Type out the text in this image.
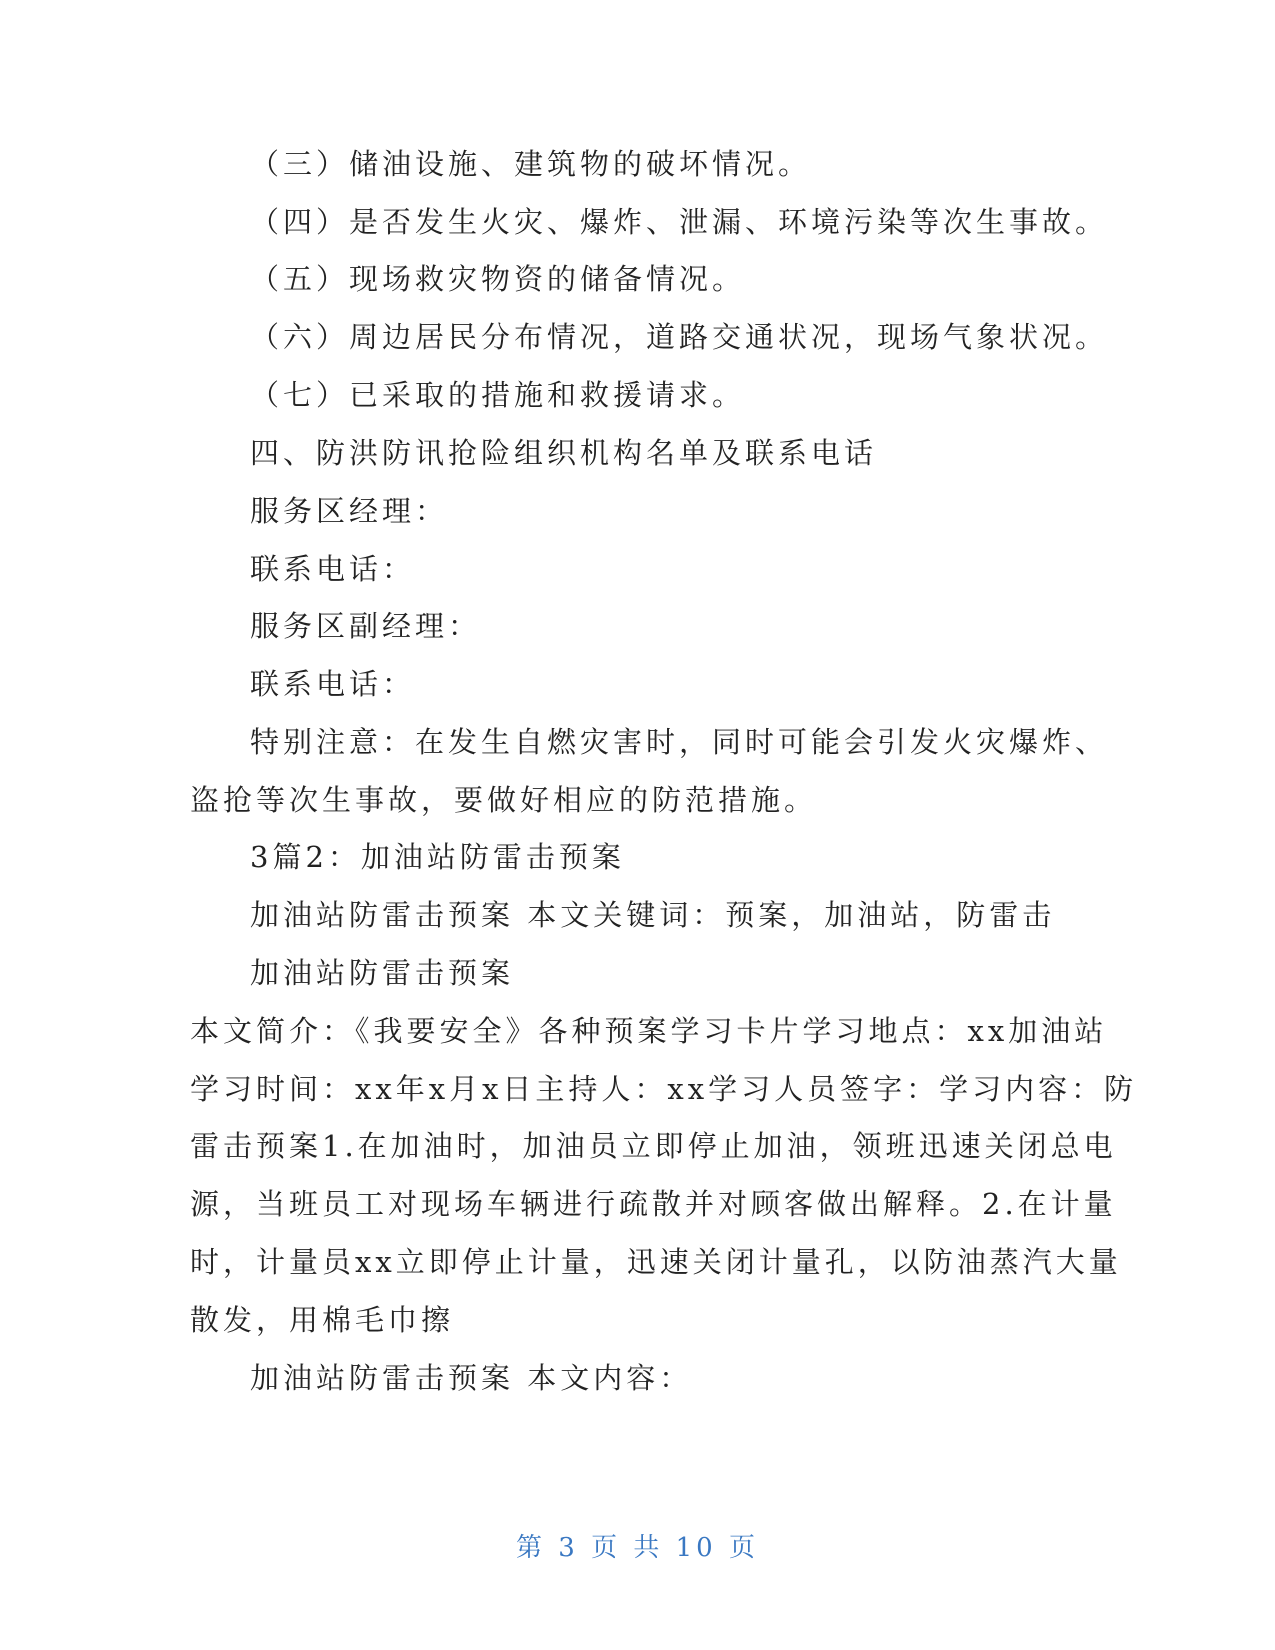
（三）储油设施、建筑物的破坏情况。
（四）是否发生火灾、爆炸、泄漏、环境污染等次生事故。
（五）现场救灾物资的储备情况。
（六）周边居民分布情况，道路交通状况，现场气象状况。
（七）已采取的措施和救援请求。
四、防洪防讯抢险组织机构名单及联系电话
服务区经理：
联系电话：
服务区副经理：
联系电话：
特别注意：在发生自燃灾害时，同时可能会引发火灾爆炸、
盗抢等次生事故，要做好相应的防范措施。
3篇2：加油站防雷击预案
加油站防雷击预案 本文关键词：预案，加油站，防雷击
加油站防雷击预案
本文简介：《我要安全》各种预案学习卡片学习地点：xx加油站
学习时间：xx年x月x日主持人：xx学习人员签字：学习内容：防
雷击预案1.在加油时，加油员立即停止加油，领班迅速关闭总电
源，当班员工对现场车辆进行疏散并对顾客做出解释。2.在计量
时，计量员xx立即停止计量，迅速关闭计量孔，以防油蒸汽大量
散发，用棉毛巾擦
加油站防雷击预案 本文内容：
第 3 页 共 10 页
